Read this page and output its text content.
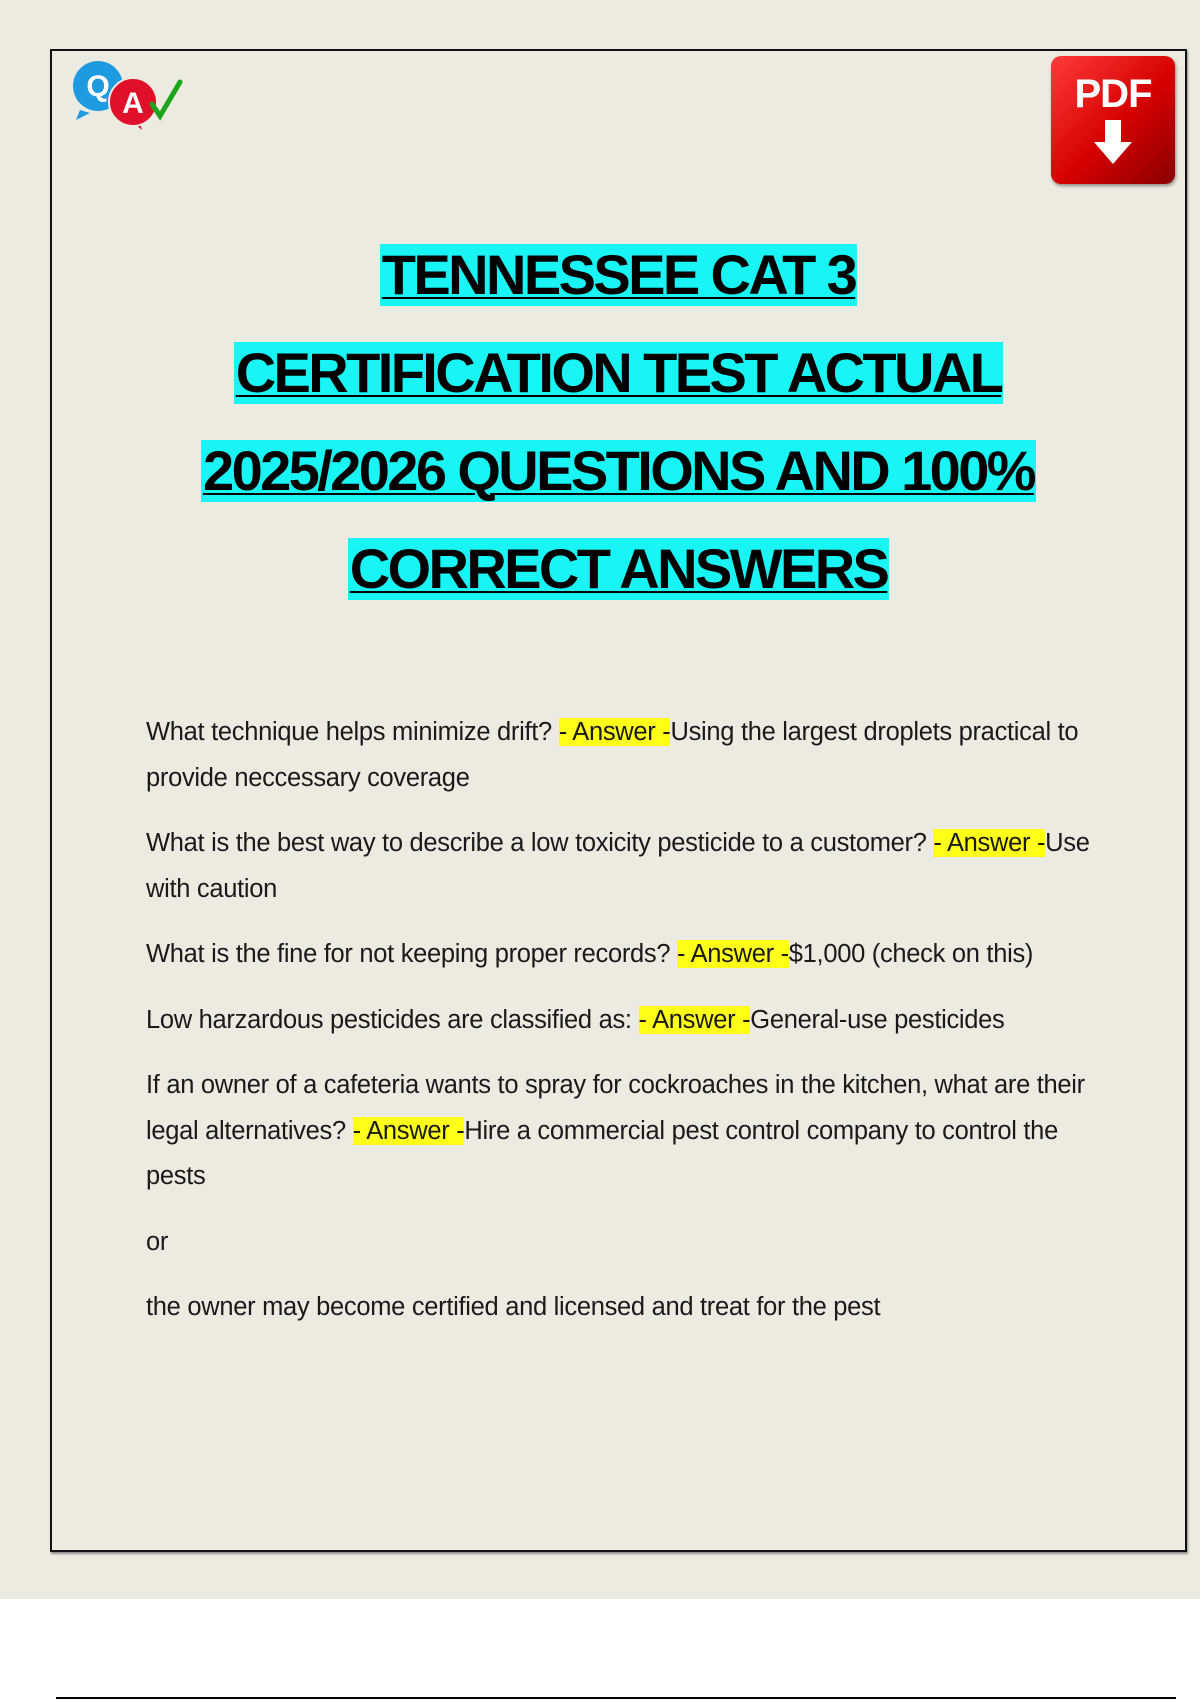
Q
A	PDF
TENNESSEE CAT 3
CERTIFICATION TEST ACTUAL
2025/2026 QUESTIONS AND 100%
CORRECT ANSWERS
What technique helps minimize drift? - Answer -Using the largest droplets practical to provide neccessary coverage
What is the best way to describe a low toxicity pesticide to a customer? - Answer -Use with caution
What is the fine for not keeping proper records? - Answer -$1,000 (check on this)
Low harzardous pesticides are classified as: - Answer -General-use pesticides
If an owner of a cafeteria wants to spray for cockroaches in the kitchen, what are their legal alternatives? - Answer -Hire a commercial pest control company to control the pests
or
the owner may become certified and licensed and treat for the pest
